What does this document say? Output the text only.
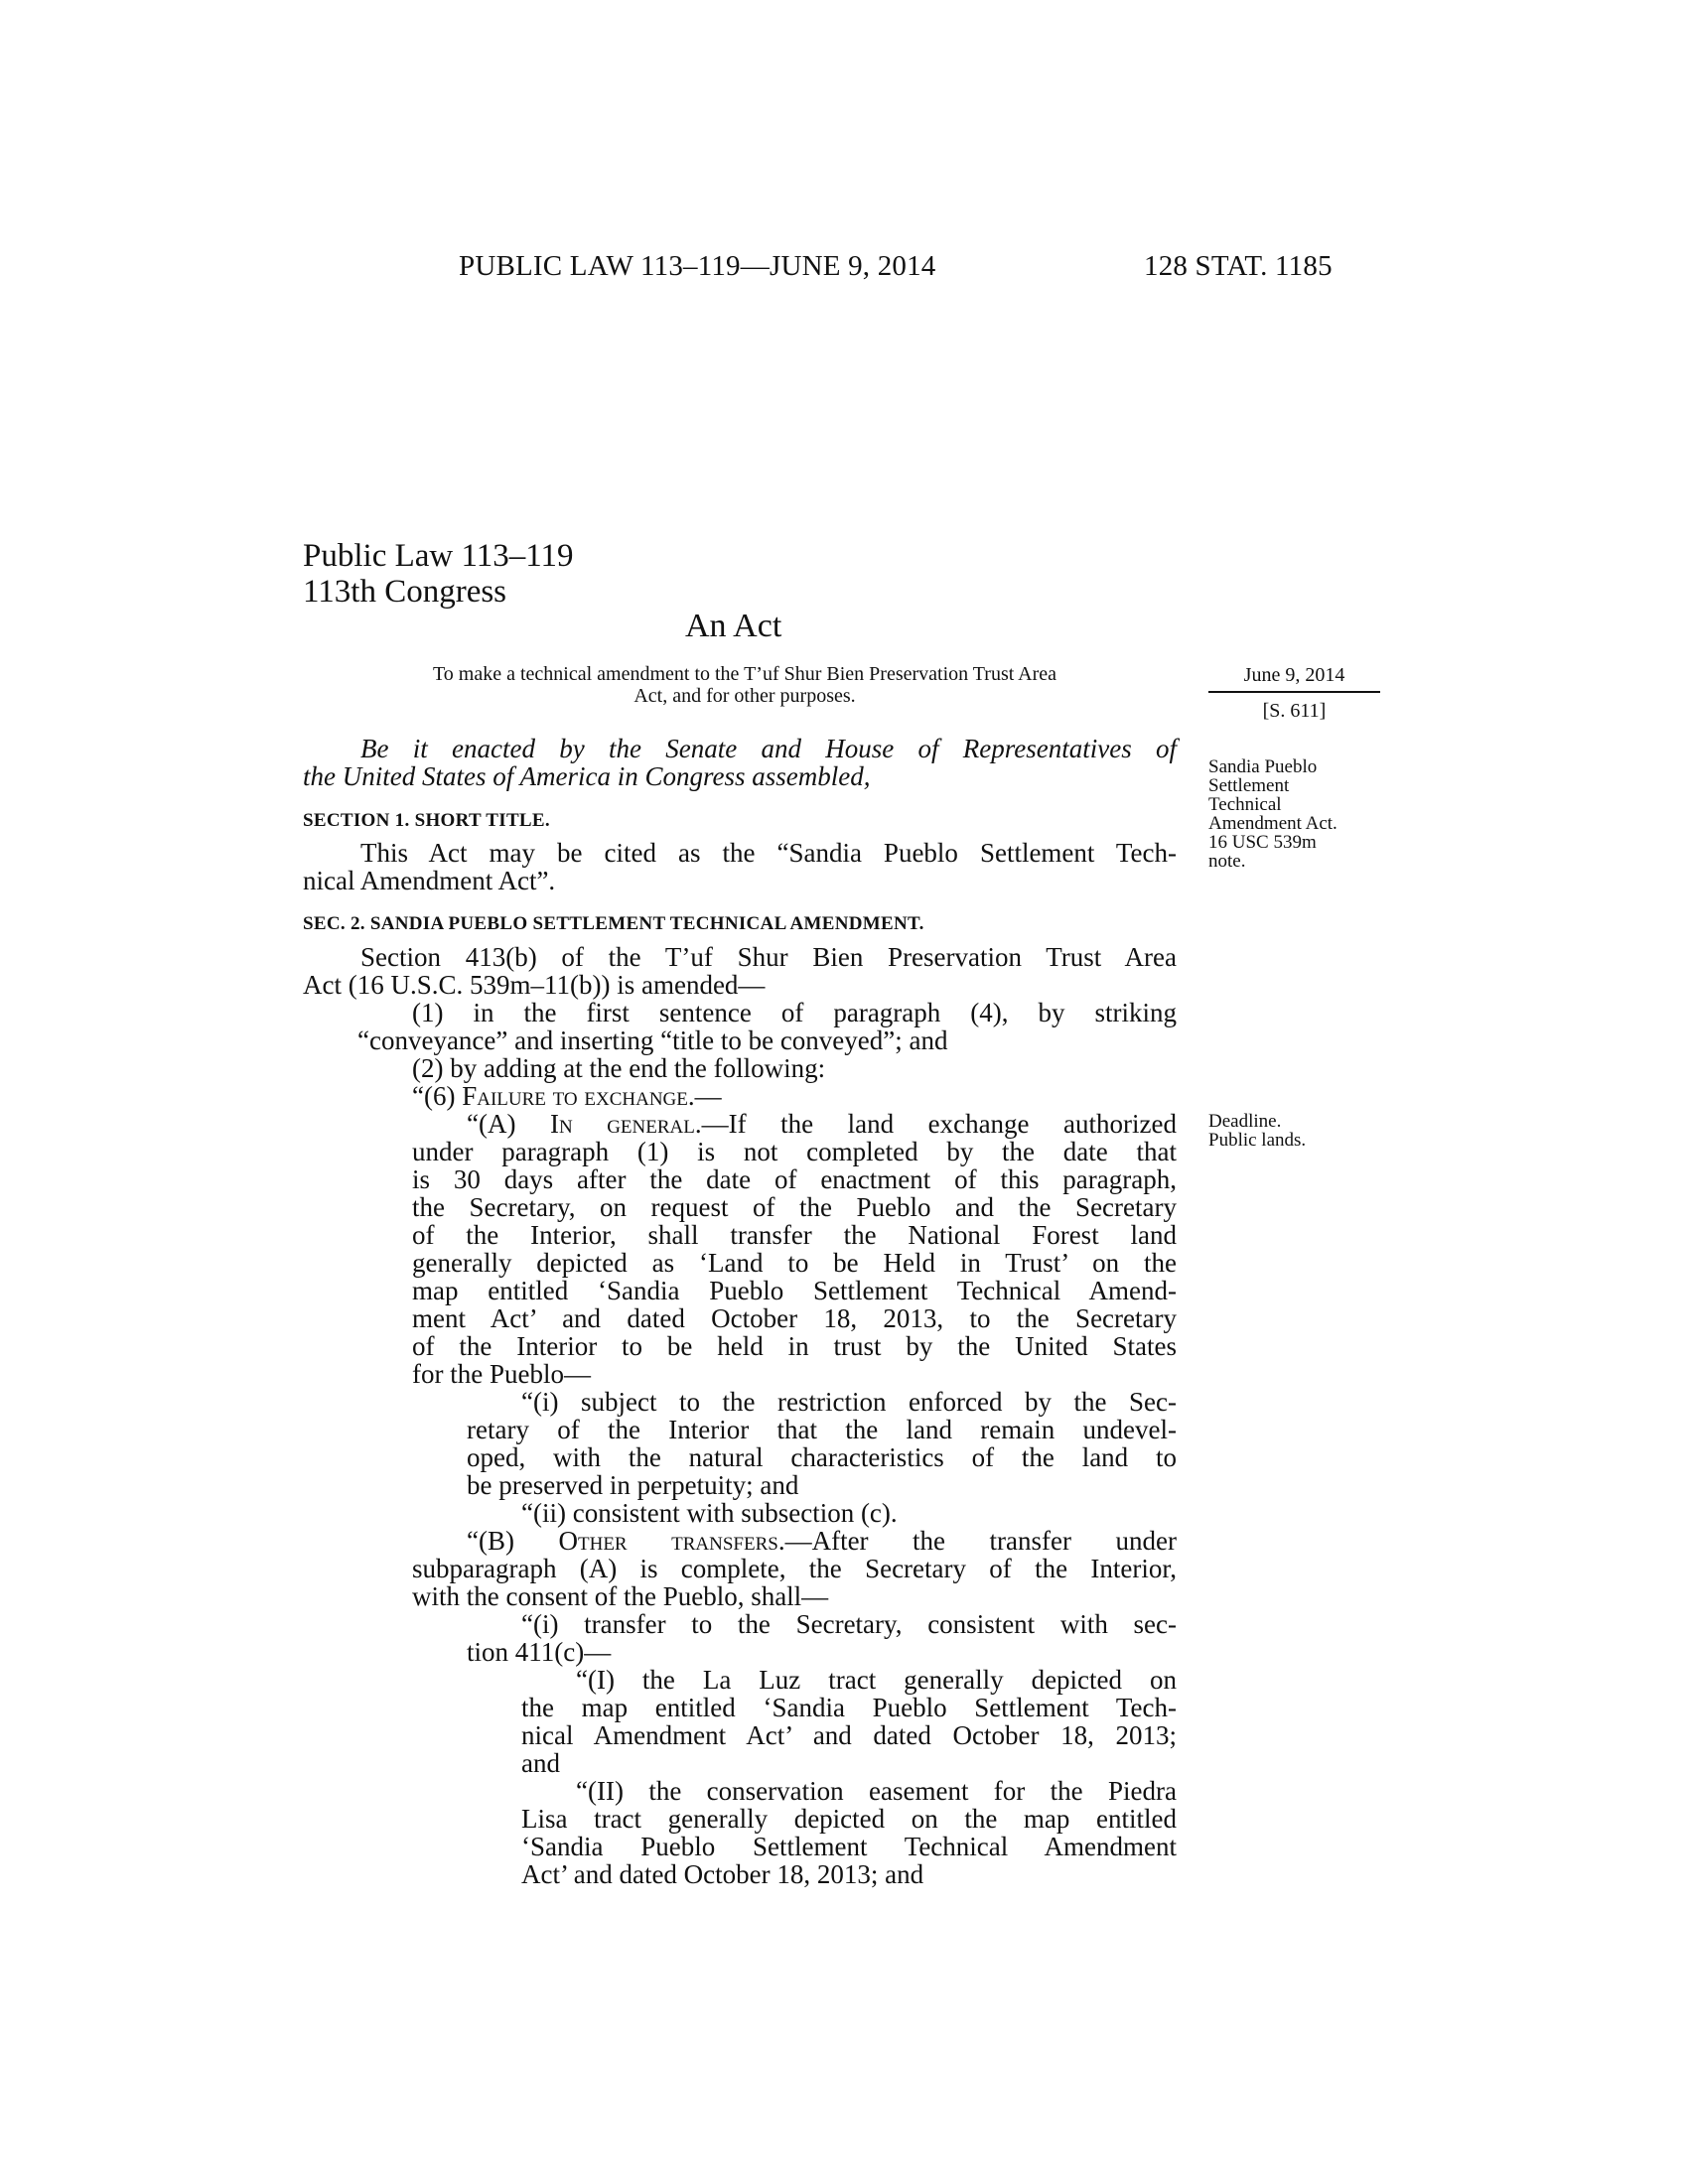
PUBLIC LAW 113–119—JUNE 9, 2014	128 STAT. 1185
Public Law 113–119
113th Congress
An Act
To make a technical amendment to the T’uf Shur Bien Preservation Trust Area
Act, and for other purposes.
June 9, 2014
[S. 611]
Sandia Pueblo
Settlement
Technical
Amendment Act.
16 USC 539m
note.
Deadline.
Public lands.
Be it enacted by the Senate and House of Representatives of
the United States of America in Congress assembled,
SECTION 1. SHORT TITLE.
This Act may be cited as the “Sandia Pueblo Settlement Tech-
nical Amendment Act”.
SEC. 2. SANDIA PUEBLO SETTLEMENT TECHNICAL AMENDMENT.
Section 413(b) of the T’uf Shur Bien Preservation Trust Area
Act (16 U.S.C. 539m–11(b)) is amended—
(1) in the first sentence of paragraph (4), by striking
“conveyance” and inserting “title to be conveyed”; and
(2) by adding at the end the following:
“(6) Failure to exchange.—
“(A) In general.—If the land exchange authorized
under paragraph (1) is not completed by the date that
is 30 days after the date of enactment of this paragraph,
the Secretary, on request of the Pueblo and the Secretary
of the Interior, shall transfer the National Forest land
generally depicted as ‘Land to be Held in Trust’ on the
map entitled ‘Sandia Pueblo Settlement Technical Amend-
ment Act’ and dated October 18, 2013, to the Secretary
of the Interior to be held in trust by the United States
for the Pueblo—
“(i) subject to the restriction enforced by the Sec-
retary of the Interior that the land remain undevel-
oped, with the natural characteristics of the land to
be preserved in perpetuity; and
“(ii) consistent with subsection (c).
“(B) Other transfers.—After the transfer under
subparagraph (A) is complete, the Secretary of the Interior,
with the consent of the Pueblo, shall—
“(i) transfer to the Secretary, consistent with sec-
tion 411(c)—
“(I) the La Luz tract generally depicted on
the map entitled ‘Sandia Pueblo Settlement Tech-
nical Amendment Act’ and dated October 18, 2013;
and
“(II) the conservation easement for the Piedra
Lisa tract generally depicted on the map entitled
‘Sandia Pueblo Settlement Technical Amendment
Act’ and dated October 18, 2013; and
